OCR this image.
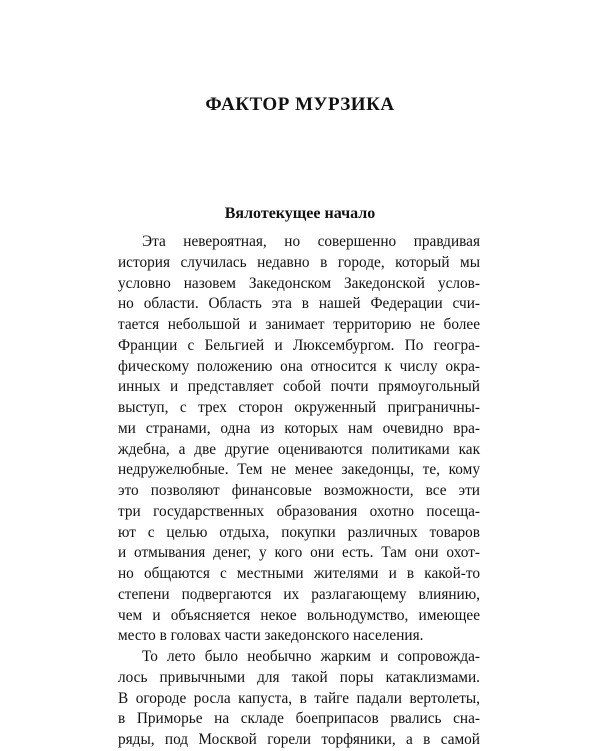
ФАКТОР МУРЗИКА
Вялотекущее начало
Эта невероятная, но совершенно правдивая
история случилась недавно в городе, который мы
условно назовем Закедонском Закедонской услов-
но области. Область эта в нашей Федерации счи-
тается небольшой и занимает территорию не более
Франции с Бельгией и Люксембургом. По геогра-
фическому положению она относится к числу окра-
инных и представляет собой почти прямоугольный
выступ, с трех сторон окруженный приграничны-
ми странами, одна из которых нам очевидно вра-
ждебна, а две другие оцениваются политиками как
недружелюбные. Тем не менее закедонцы, те, кому
это позволяют финансовые возможности, все эти
три государственных образования охотно посеща-
ют с целью отдыха, покупки различных товаров
и отмывания денег, у кого они есть. Там они охот-
но общаются с местными жителями и в какой-то
степени подвергаются их разлагающему влиянию,
чем и объясняется некое вольнодумство, имеющее
место в головах части закедонского населения.
То лето было необычно жарким и сопровожда-
лось привычными для такой поры катаклизмами.
В огороде росла капуста, в тайге падали вертолеты,
в Приморье на складе боеприпасов рвались сна-
ряды, под Москвой горели торфяники, а в самой
